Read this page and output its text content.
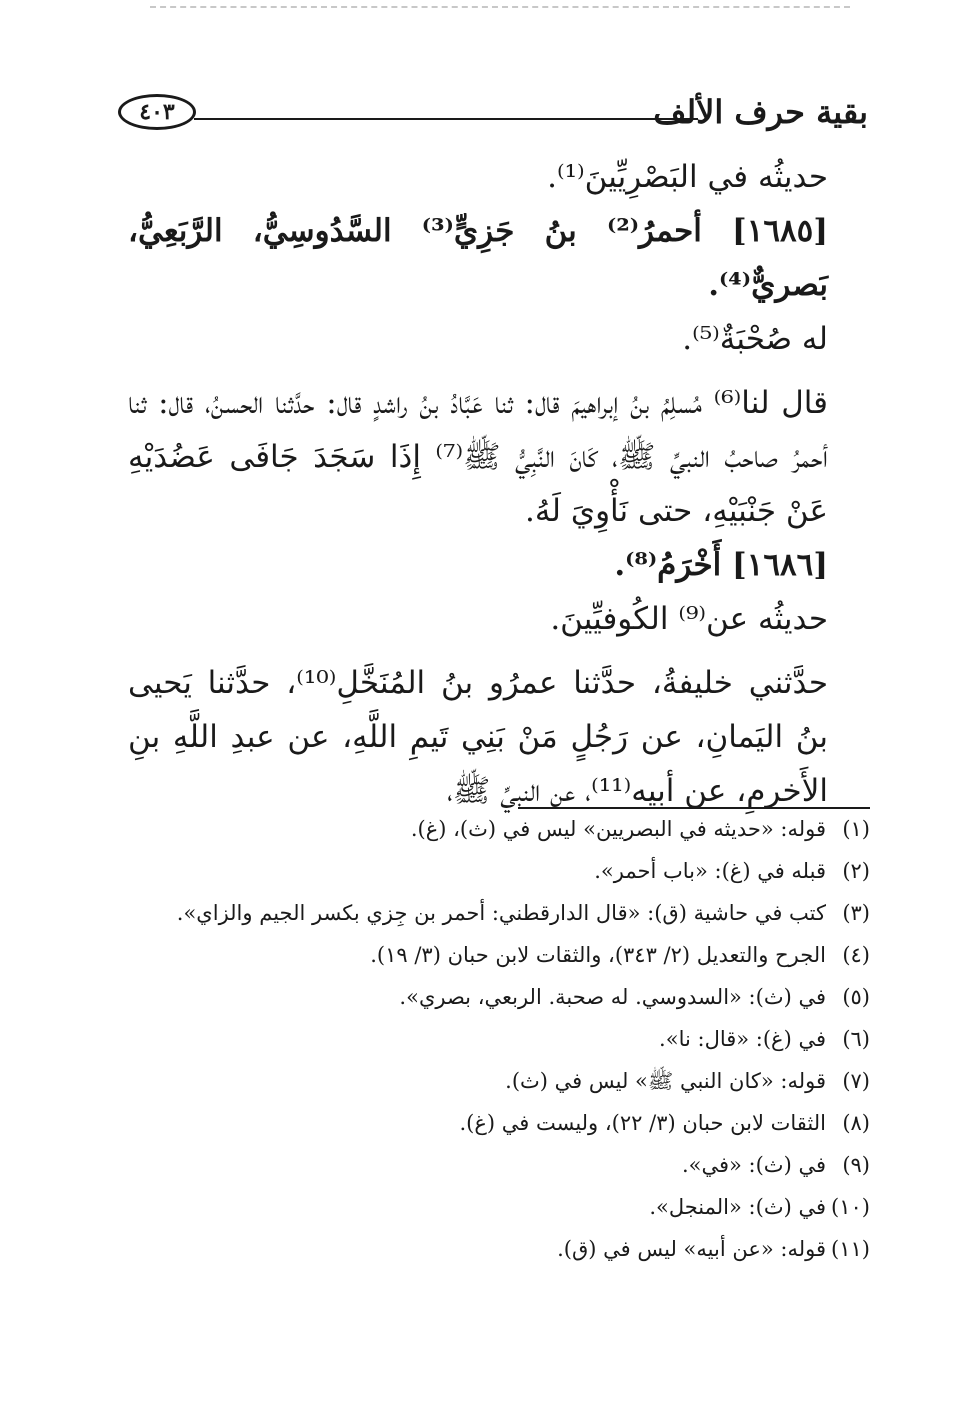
بقية حرف الألف
٤٠٣

حديثُه في البَصْرِيِّينَ⁽¹⁾.

[١٦٨٥] أحمرُ⁽²⁾ بنُ جَزِيٍّ⁽³⁾ السَّدُوسِيُّ، الرَّبَعِيُّ، بَصريٌّ⁽⁴⁾.

له صُحْبَةٌ⁽⁵⁾.

قال لنا⁽⁶⁾ مُسلِمُ بنُ إبراهيمَ قال: ثنا عَبَّادُ بنُ راشدٍ قال: حدَّثنا الحسنُ، قال: ثنا أحمرُ صاحبُ النبيِّ ﷺ، كَانَ النَّبِيُّ ﷺ⁽⁷⁾ إِذَا سَجَدَ جَافَى عَضُدَيْهِ عَنْ جَنْبَيْهِ، حتى نَأْوِيَ لَهُ.

[١٦٨٦] أَخْرَمُ⁽⁸⁾.

حديثُه عن⁽⁹⁾ الكُوفيِّينَ.

حدَّثني خليفةُ، حدَّثنا عمرُو بنُ المُنَخَّلِ⁽¹⁰⁾، حدَّثنا يَحيى بنُ اليَمانِ، عن رَجُلٍ مَنْ بَنِي تَيمِ اللَّهِ، عن عبدِ اللَّهِ بنِ الأَخرمِ، عن أبيه⁽¹¹⁾، عن النبيِّ ﷺ،

(١)قوله: «حديثه في البصريين» ليس في (ث)، (غ).
(٢)قبله في (غ): «باب أحمر».
(٣)كتب في حاشية (ق): «قال الدارقطني: أحمر بن جِزي بكسر الجيم والزاي».
(٤)الجرح والتعديل (٢/ ٣٤٣)، والثقات لابن حبان (٣/ ١٩).
(٥)في (ث): «السدوسي. له صحبة. الربعي، بصري».
(٦)في (غ): «قال: نا».
(٧)قوله: «كان النبي ﷺ» ليس في (ث).
(٨)الثقات لابن حبان (٣/ ٢٢)، وليست في (غ).
(٩)في (ث): «في».
(١٠)في (ث): «المنجل».
(١١)قوله: «عن أبيه» ليس في (ق).
